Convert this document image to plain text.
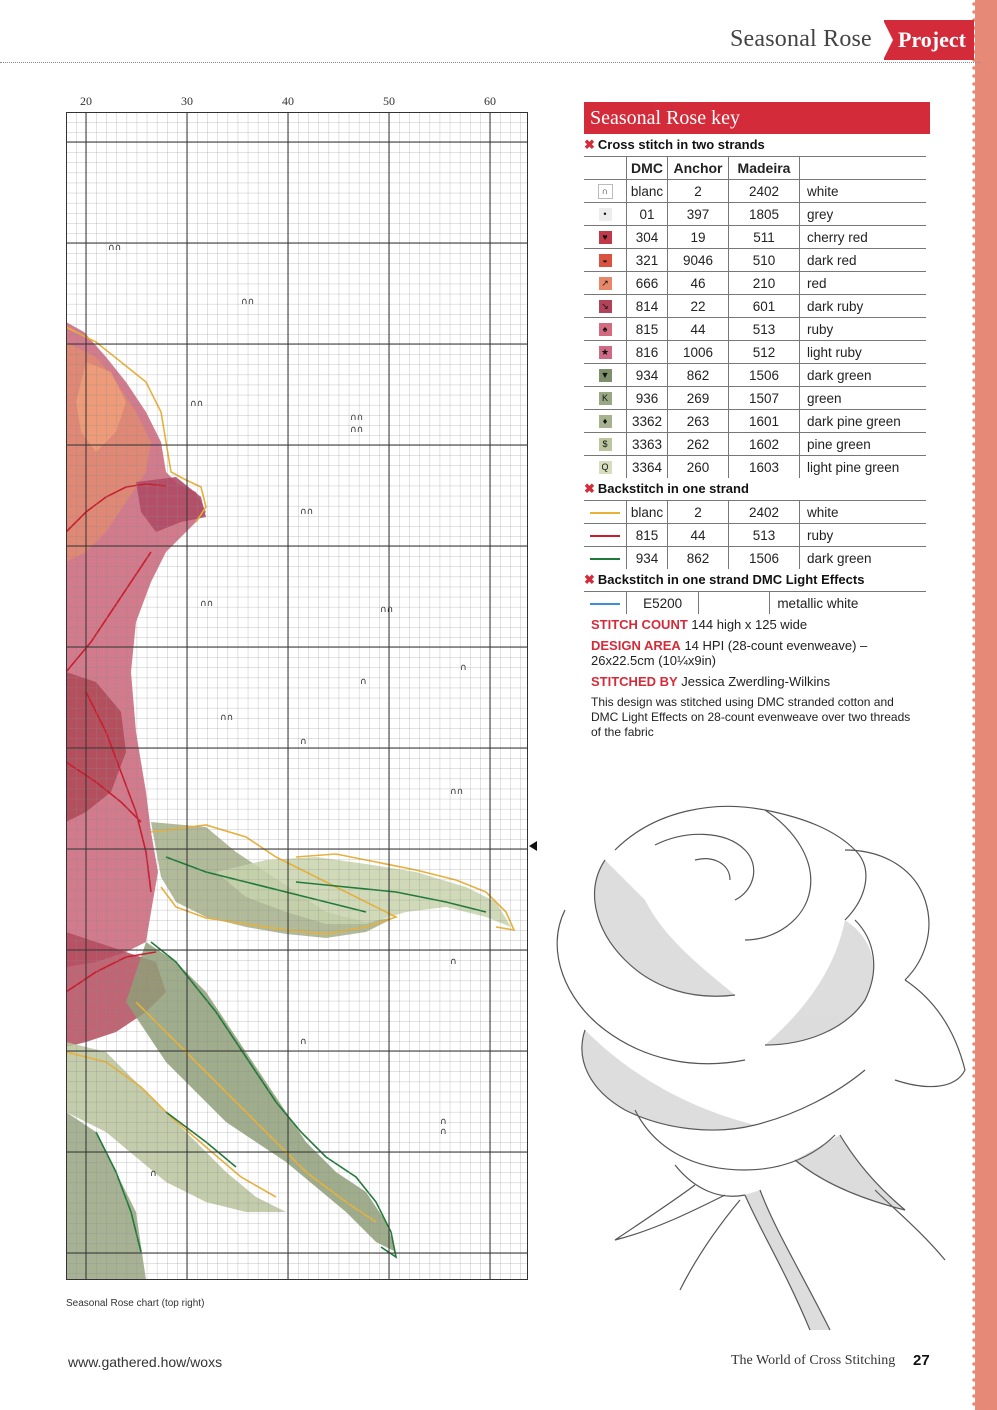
Seasonal Rose	Project
20	30	40	50	60
Seasonal Rose chart (top right)
Seasonal Rose key
✖ Cross stitch in two strands
	DMC	Anchor	Madeira	
∩	blanc	2	2402	white
•	01	397	1805	grey
♥	304	19	511	cherry red
◒	321	9046	510	dark red
↗	666	46	210	red
↘	814	22	601	dark ruby
♠	815	44	513	ruby
★	816	1006	512	light ruby
▼	934	862	1506	dark green
K	936	269	1507	green
♦	3362	263	1601	dark pine green
$	3363	262	1602	pine green
Q	3364	260	1603	light pine green
✖ Backstitch in one strand
	blanc	2	2402	white
	815	44	513	ruby
	934	862	1506	dark green
✖ Backstitch in one strand DMC Light Effects
	E5200		metallic white

STITCH COUNT 144 high x 125 wide

DESIGN AREA 14 HPI (28-count evenweave) – 26x22.5cm (10¼x9in)

STITCHED BY Jessica Zwerdling-Wilkins

This design was stitched using DMC stranded cotton and DMC Light Effects on 28-count evenweave over two threads of the fabric

www.gathered.how/woxs	The World of Cross Stitching 27
